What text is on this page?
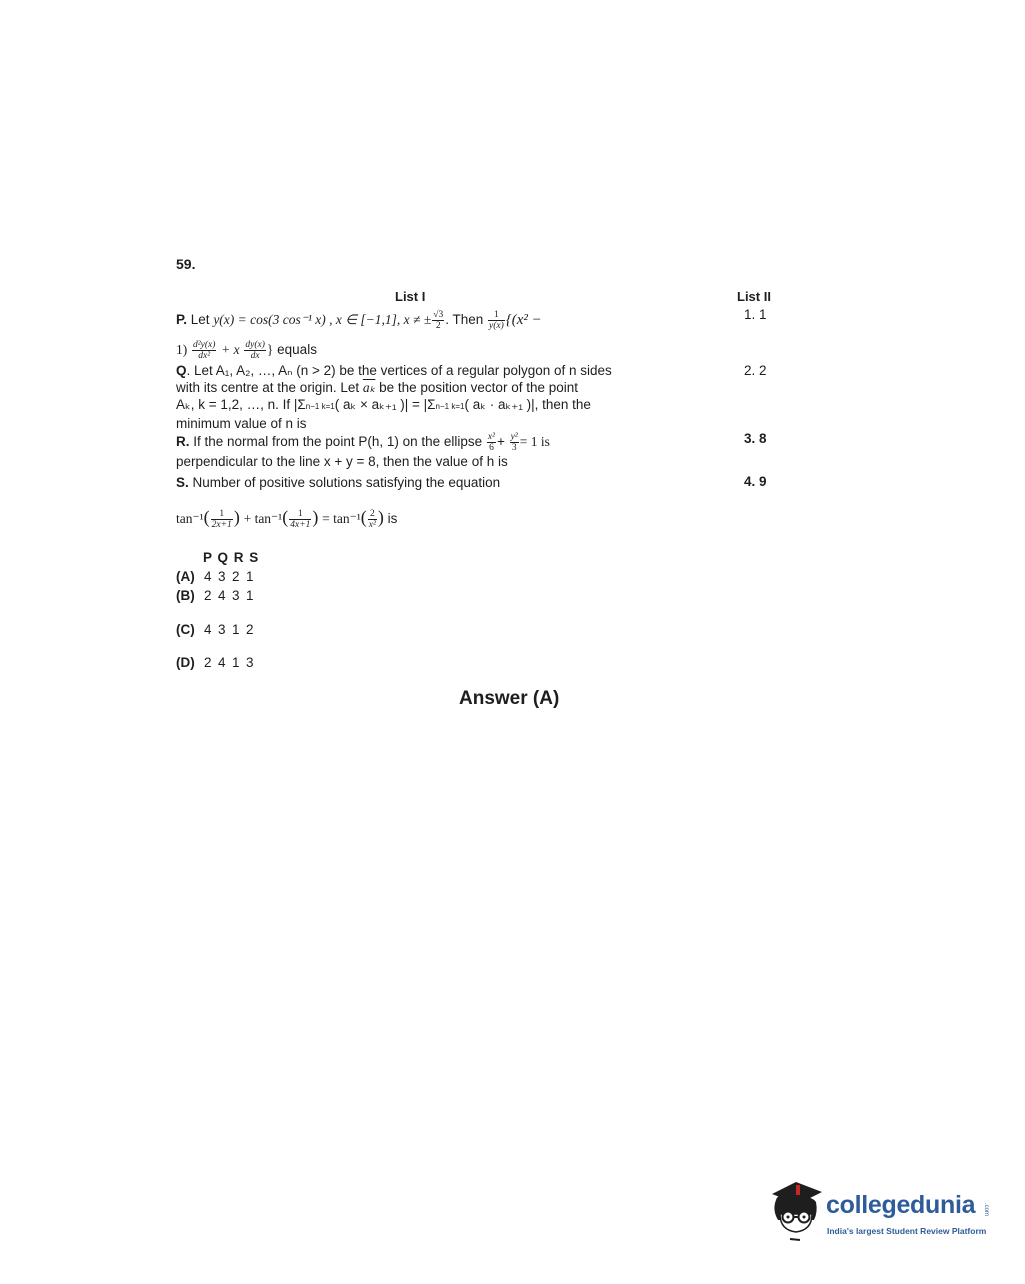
59.
List I	List II
P. Let y(x) = cos(3 cos⁻¹ x) , x ∈ [−1,1], x ≠ ± $\frac{√3}{2}$ . Then $\frac{1}{y(x)} \{(x^2$ −
$1) \frac{\text{d²y(x)}}{\text{dx²}} + x \frac{dy(x)}{dx}$ } equals
Q. Let A₁, A₂, …, Aₙ (n > 2) be the vertices of a regular polygon of n sides
with its centre at the origin. Let $\overline{a_k}$ be the position vector of the point
Aₖ, k = 1,2, …, n. If |Σn−1 k=1( aₖ × aₖ₊₁ )| = |Σn−1 k=1( aₖ · aₖ₊₁ )|, then the
minimum value of n is
R. If the normal from the point P(h, 1) on the ellipse $\frac{\text{x²}}{6} + \frac{\text{y²}}{3} = 1$ is
perpendicular to the line x + y = 8, then the value of h is
S. Number of positive solutions satisfying the equation
$\tan^{-1}( \frac{1}{2x+1}$ ) + $\tan^{-1}( \frac{1}{4x+1}$ ) = $\tan^{-1}( \frac{2}{\text{x²}}$ ) is
1. 1
2. 2
3. 8
4. 9
P Q R S
(A) 4 3 2 1
(B) 2 4 3 1
(C) 4 3 1 2
(D) 2 4 1 3
Answer (A)
collegedunia .com
India's largest Student Review Platform
